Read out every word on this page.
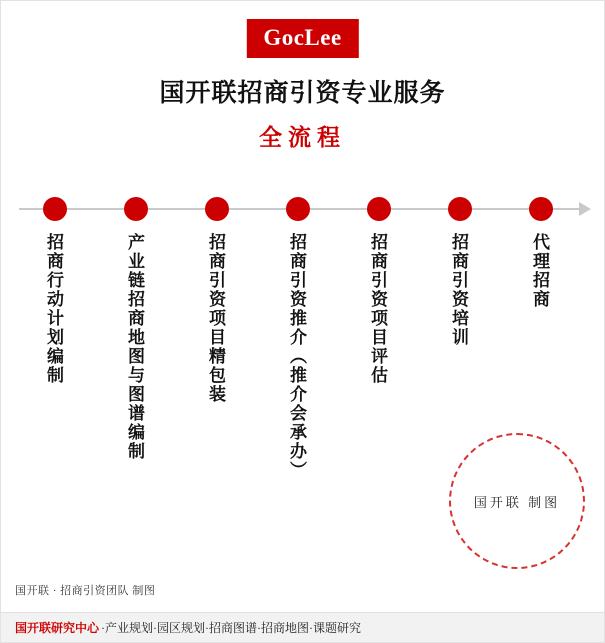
GocLee
国开联招商引资专业服务
全流程
招商行动计划编制	产业链招商地图与图谱编制	招商引资项目精包装	招商引资推介（推介会承办）	招商引资项目评估	招商引资培训	代理招商
国开联 制图
国开联 · 招商引资团队 制图
国开联研究中心 ·产业规划·园区规划·招商图谱·招商地图·课题研究
